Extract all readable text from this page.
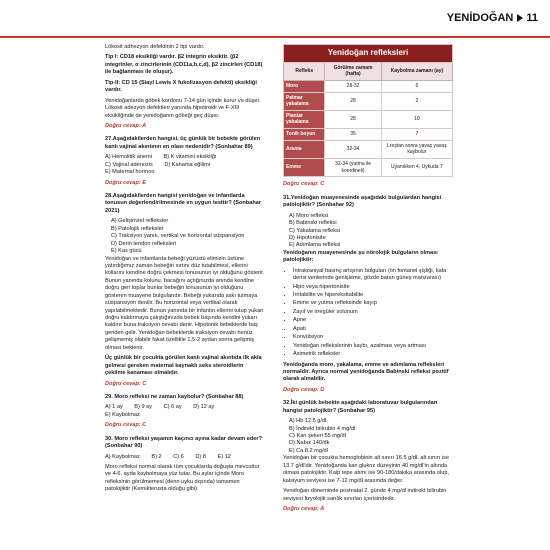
YENİDOĞAN 11

Lökosit adhezyon defektinin 2 tipi vardır.

Tip I: CD18 eksikliği vardır. β2 integrin eksiktir. (β2 integrinler, α zincirlerinin (CD11a,b,c,d), β2 zincirleri (CD18) ile bağlanması ile oluşur).

Tip-II: CD 15 (Siayl Lewis X fukolizasyon defekti) eksikliği vardır.

Yenidoğanlarda göbek kordonu 7-14 gün içinde kurur ve düşer. Lökosit adezyon defektleri yanında hipotiroidi ve F-XIII eksikliğinde de yenidoğanın göbeği geç düşer.

Doğru cevap: A

27.Aşağıdakilerden hangisi, üç günlük bir bebekte görülen kanlı vajinal akıntının en olası nedenidir? (Sonbahar 89)

A) Hemolitik anemi B) K vitamini eksikliği
C) Vajinal adenozis D) Kanama eğilimi
E) Maternal hormon
Doğru cevap: E

28.Aşağıdakilerden hangisi yenidoğan ve infantlarda tonusun değerlendirilmesinde en uygun testtir? (Sonbahar 2021)

A) Gelişimsel refleksler
B) Patolojik refleksler
C) Traksiyon yanıtı, vertikal ve horizontal süspansiyon
D) Derin tendon refleksleri
E) Kas gücü

Yenidoğan ve infantlarda bebeği yüzüstü elimizin üstüne yatırdığımız zaman bebeğin sırtını düz tutabilmesi, ellerini kollarını kendine doğru çekmesi tonusunun iyi olduğunu gösterir. Bunun yanında kolunu, bacağını açtığınızda anında kendine doğru geri toplar bunlar bebeğin tonusunun iyi olduğunu gösteren muayene bulgularıdır. Bebeği yukarıda askı tutmaya süspansiyon denilir. Bu horizontal veya vertikal olarak yapılabilmektedir. Bunun yanında bir infantın ellerini tutup yukarı doğru kaldırmaya çalıştığınızda bebek başında kendini yukarı kaldırır buna traksiyon cevabı denir. Hipotonik bebeklerde baş geriden gelir. Yenidoğan bebeklerde traksiyon cevabı henüz gelişmemiş olabilir fakat özellikle 1,5-2 aydan sonra gelişmiş olması beklenir.

Üç günlük bir çocukta görülen kanlı vajinal akıntıda ilk akla gelmesi gereken maternal kaynaklı seks steroidlerin çekilme kanaması olmalıdır.

Doğru cevap: C

29. Moro refleksi ne zaman kaybolur? (Sonbahar 88)

A) 1 ay B) 9 ay C) 6 ay D) 12 ay E) Kaybolmaz
Doğru cevap: C

30. Moro refleksi yaşamın kaçıncı ayına kadar devam eder? (Sonbahar 90)

A) Kaybolmaz B) 2 C) 6 D) 8 E) 12

Moro refleksi normal olarak tüm çocuklarda doğuşta mevcuttur ve 4-6. ayda kaybolmaya yüz tutar. Bu aylar içinde Moro refleksinin görülmemesi (denn uyku dışında) tamamen patolojiktir (Kernikterusta olduğu gibi).

Yenidoğan refleksleri		
Refleks	Görülme zamanı (hafta)	Kaybolma zamanı (ay)
Moro	28-32	6
Palmar yakalama	28	2
Plantar yakalama	28	10
Tonik boyun	35	7
Arama	32-34	Lreştan sonra yavaş yavaş kaybolur
Emme	32-34 (yutma ile koordineli)	Uyanıkken 4, Uykuda 7
Doğru cevap: C

31.Yenidoğan muayenesinde aşağıdaki bulgulardan hangisi patolojiktir? (Sonbahar 92)

A) Moro refleksi
B) Babinski refleksi
C) Yakalama refleksi
D) Hipotonisite
E) Adımlama refleksi

Yenidoğanın muayenesinde şu nörolojik bulguların olması patolojiktir:

• İntrakraniyal basınç artışının bulguları (ön fontanel şişliği, kafa derisi venlerinde genişleme, gözde batan güneş manzarası)
• Hipo veya hipertonisite
• İrritabilite ve hipereksitabilite
• Emme ve yutma refleksinde kayıp
• Zayıf ve irregüler solunum
• Apne
• Apati
• Konvülsiyon
• Yenidoğan reflekslerinin kaybı, azalması veya artması
• Asimetrik refleksler

Yenidoğanda moro, yakalama, emme ve adımlama reflekslerí normaldir. Ayrıca normal yenidoğanda Babinski refleksi pozitif olarak alınabilir.

Doğru cevap: D

32.İki günlük bebekte aşağıdaki laboratuvar bulgularından hangisi patolojiktir? (Sonbahar 95)

A) Hb 12.5 g/dl
B) İndirekt bilirubin 4 mg/dl
C) Kan şekeri 55 mg/dl
D) Nabız 140/dk
E) Ca 8.2 mg/dl

Yenidoğan bir çocukta hemoglobinin alt sınırı 16.5 g/dL alt sınırı ise 13.7 g/dl'dir. Yenidoğanda kan glukoz düzeyinin 40 mg/dl'in altında olması patolojiktir. Kalp tepe atımı ise 90-180/dakika arasında olup, kalsiyum seviyesi ise 7-12 mg/dl arasında değer.

Yenidoğan döneminde postnatal 2. günde 4 mg/dl indirekt bilirubin seviyesi fizyolojik sarılık sınırları içerisindedir.

Doğru cevap: A
